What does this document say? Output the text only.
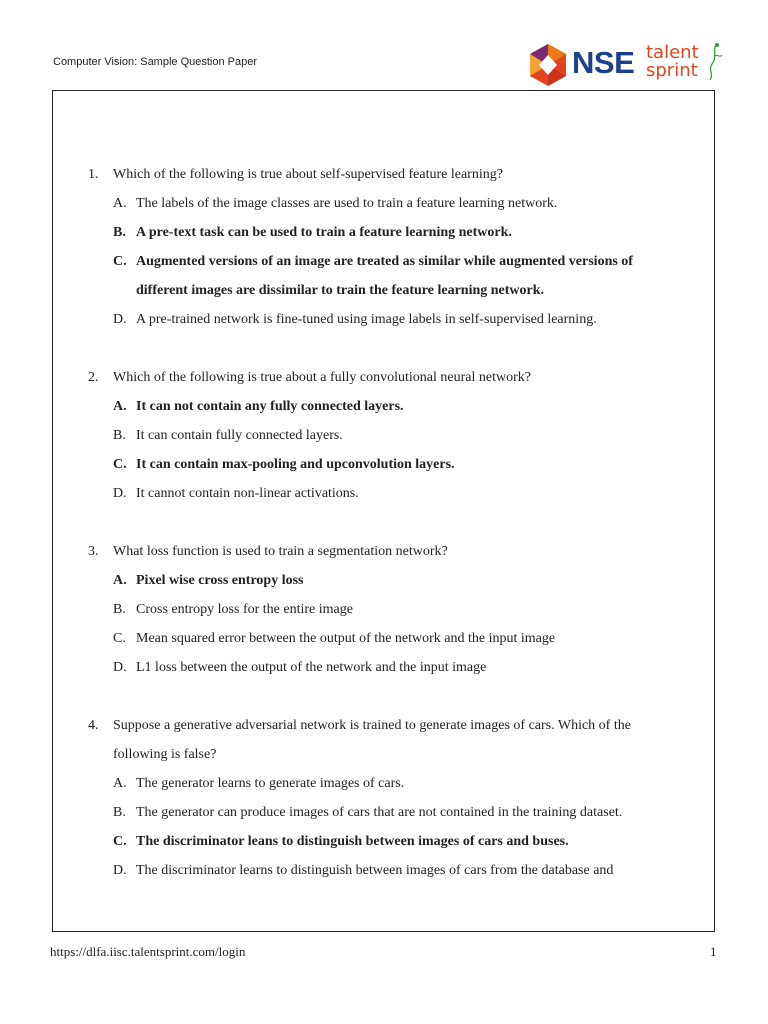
Computer Vision: Sample Question Paper	NSE talent
sprint
1. Which of the following is true about self-supervised feature learning?
A. The labels of the image classes are used to train a feature learning network.
B. A pre-text task can be used to train a feature learning network.
C. Augmented versions of an image are treated as similar while augmented versions of different images are dissimilar to train the feature learning network.
D. A pre-trained network is fine-tuned using image labels in self-supervised learning.
2. Which of the following is true about a fully convolutional neural network?
A. It can not contain any fully connected layers.
B. It can contain fully connected layers.
C. It can contain max-pooling and upconvolution layers.
D. It cannot contain non-linear activations.
3. What loss function is used to train a segmentation network?
A. Pixel wise cross entropy loss
B. Cross entropy loss for the entire image
C. Mean squared error between the output of the network and the input image
D. L1 loss between the output of the network and the input image
4. Suppose a generative adversarial network is trained to generate images of cars. Which of the following is false?
A. The generator learns to generate images of cars.
B. The generator can produce images of cars that are not contained in the training dataset.
C. The discriminator leans to distinguish between images of cars and buses.
D. The discriminator learns to distinguish between images of cars from the database and
https://dlfa.iisc.talentsprint.com/login	1
